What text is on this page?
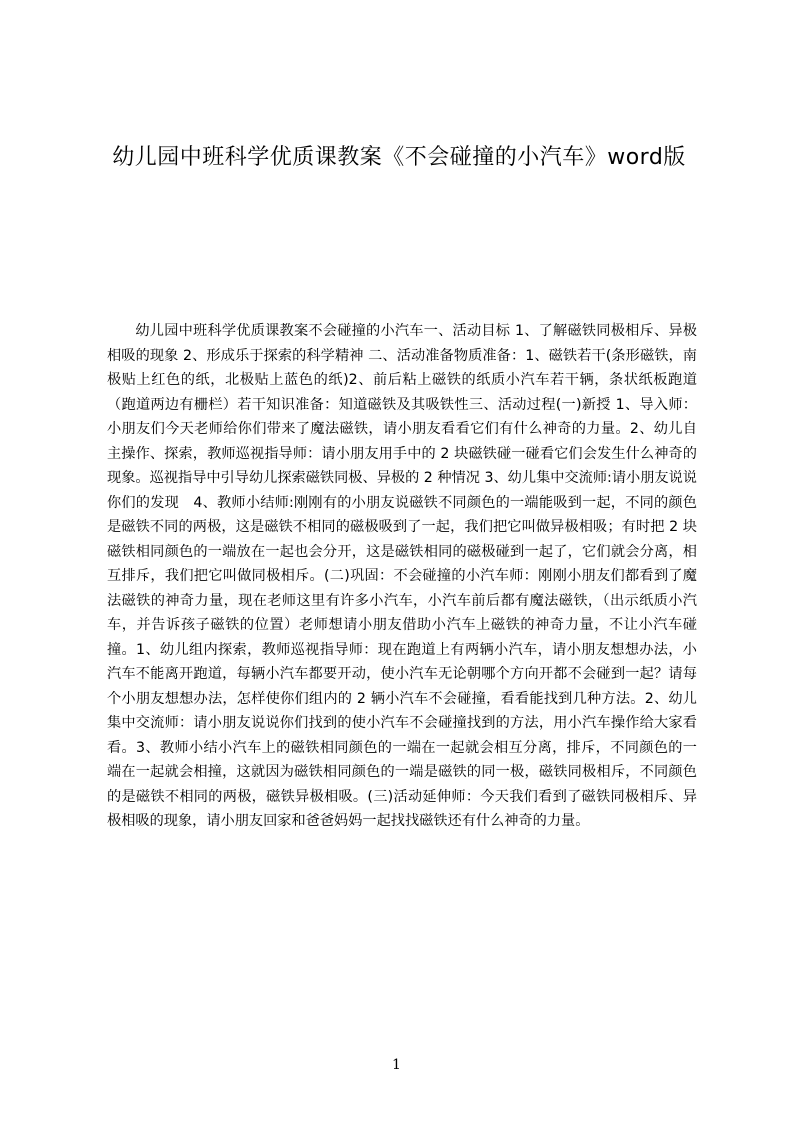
幼儿园中班科学优质课教案《不会碰撞的小汽车》word版
幼儿园中班科学优质课教案不会碰撞的小汽车一、活动目标 1、了解磁铁同极相斥、异极相吸的现象 2、形成乐于探索的科学精神 二、活动准备物质准备：1、磁铁若干(条形磁铁，南极贴上红色的纸，北极贴上蓝色的纸)2、前后粘上磁铁的纸质小汽车若干辆，条状纸板跑道（跑道两边有栅栏）若干知识准备：知道磁铁及其吸铁性三、活动过程(一)新授 1、导入师：小朋友们今天老师给你们带来了魔法磁铁，请小朋友看看它们有什么神奇的力量。2、幼儿自主操作、探索，教师巡视指导师：请小朋友用手中的 2 块磁铁碰一碰看它们会发生什么神奇的现象。巡视指导中引导幼儿探索磁铁同极、异极的 2 种情况 3、幼儿集中交流师:请小朋友说说你们的发现　4、教师小结师:刚刚有的小朋友说磁铁不同颜色的一端能吸到一起，不同的颜色是磁铁不同的两极，这是磁铁不相同的磁极吸到了一起，我们把它叫做异极相吸；有时把 2 块磁铁相同颜色的一端放在一起也会分开，这是磁铁相同的磁极碰到一起了，它们就会分离，相互排斥，我们把它叫做同极相斥。(二)巩固：不会碰撞的小汽车师：刚刚小朋友们都看到了魔法磁铁的神奇力量，现在老师这里有许多小汽车，小汽车前后都有魔法磁铁，（出示纸质小汽车，并告诉孩子磁铁的位置）老师想请小朋友借助小汽车上磁铁的神奇力量，不让小汽车碰撞。1、幼儿组内探索，教师巡视指导师：现在跑道上有两辆小汽车，请小朋友想想办法，小汽车不能离开跑道，每辆小汽车都要开动，使小汽车无论朝哪个方向开都不会碰到一起？请每个小朋友想想办法，怎样使你们组内的 2 辆小汽车不会碰撞，看看能找到几种方法。2、幼儿集中交流师：请小朋友说说你们找到的使小汽车不会碰撞找到的方法，用小汽车操作给大家看看。3、教师小结小汽车上的磁铁相同颜色的一端在一起就会相互分离，排斥，不同颜色的一端在一起就会相撞，这就因为磁铁相同颜色的一端是磁铁的同一极，磁铁同极相斥，不同颜色的是磁铁不相同的两极，磁铁异极相吸。(三)活动延伸师：今天我们看到了磁铁同极相斥、异极相吸的现象，请小朋友回家和爸爸妈妈一起找找磁铁还有什么神奇的力量。
1
